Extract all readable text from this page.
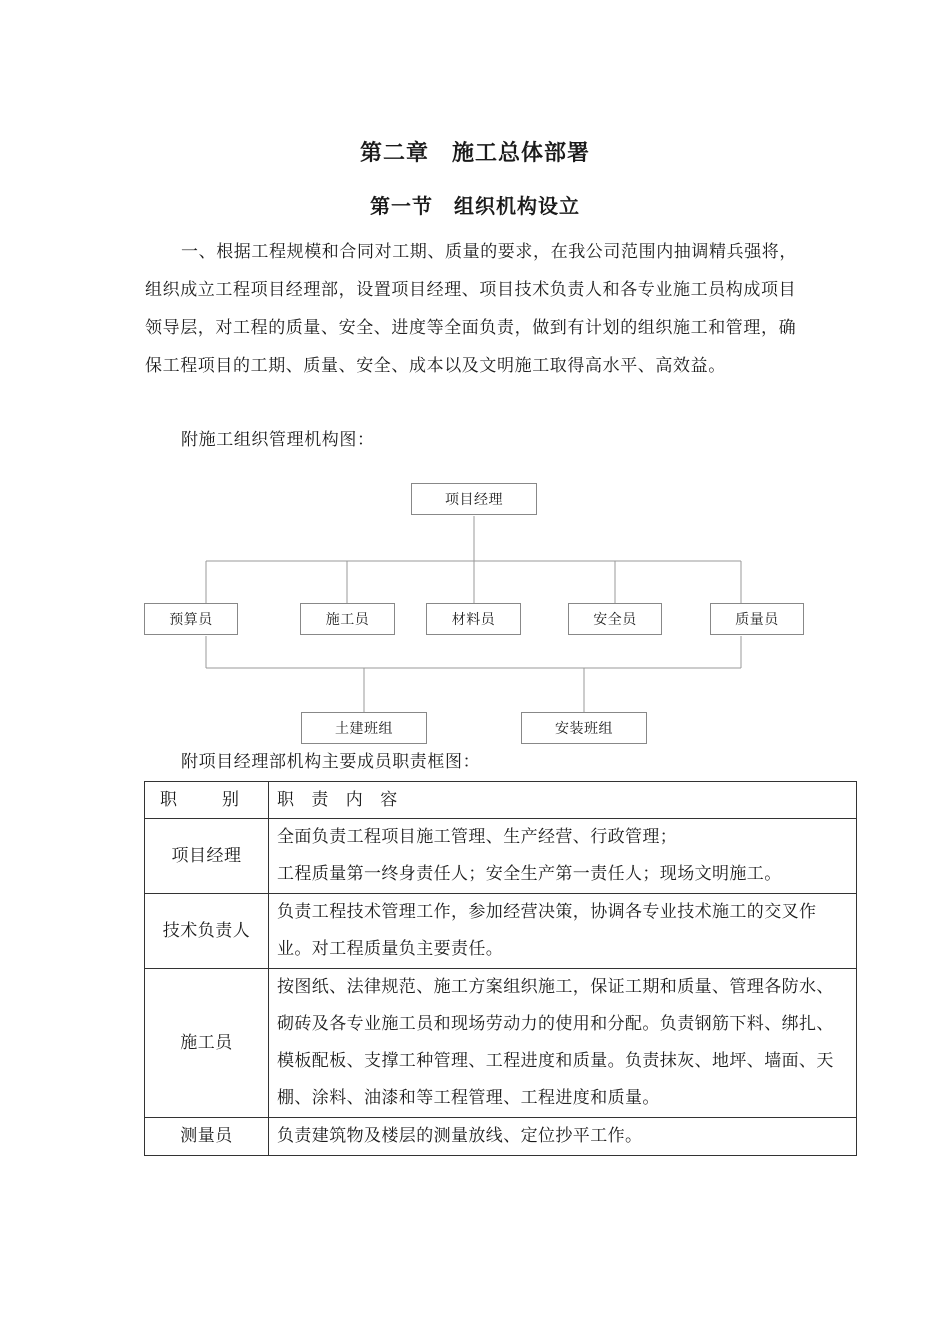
第二章　施工总体部署
第一节　组织机构设立

一、根据工程规模和合同对工期、质量的要求，在我公司范围内抽调精兵强将，组织成立工程项目经理部，设置项目经理、项目技术负责人和各专业施工员构成项目领导层，对工程的质量、安全、进度等全面负责，做到有计划的组织施工和管理，确保工程项目的工期、质量、安全、成本以及文明施工取得高水平、高效益。

附施工组织管理机构图：
项目经理
预算员	施工员	材料员	安全员	质量员
土建班组	安装班组
附项目经理部机构主要成员职责框图：
职　别	职 责 内 容
项目经理	全面负责工程项目施工管理、生产经营、行政管理；
工程质量第一终身责任人；安全生产第一责任人；现场文明施工。

技术负责人	负责工程技术管理工作，参加经营决策，协调各专业技术施工的交叉作业。对工程质量负主要责任。

施工员	按图纸、法律规范、施工方案组织施工，保证工期和质量、管理各防水、砌砖及各专业施工员和现场劳动力的使用和分配。负责钢筋下料、绑扎、模板配板、支撑工种管理、工程进度和质量。负责抹灰、地坪、墙面、天棚、涂料、油漆和等工程管理、工程进度和质量。

测量员	负责建筑物及楼层的测量放线、定位抄平工作。
